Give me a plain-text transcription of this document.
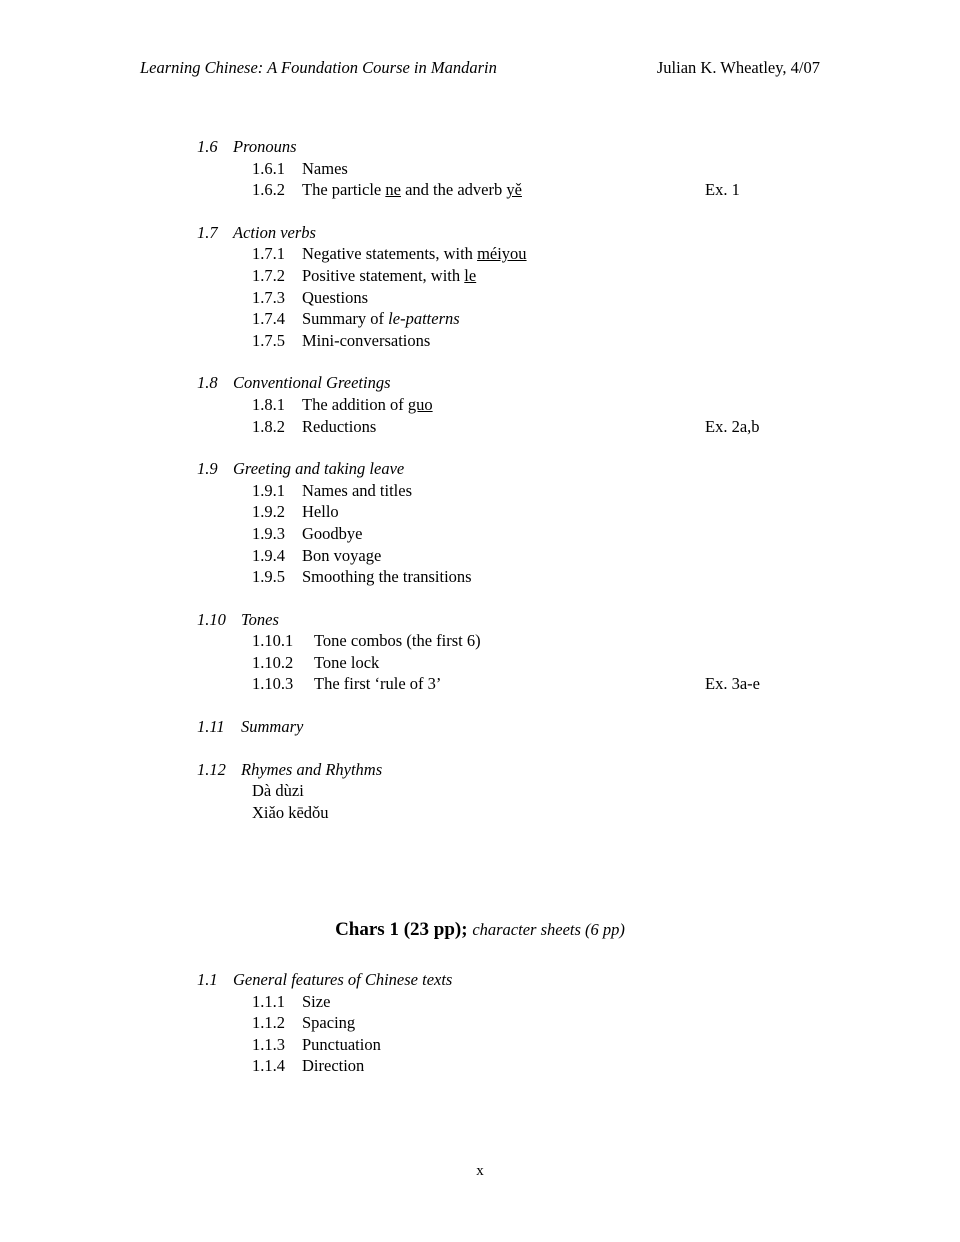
Learning Chinese: A Foundation Course in Mandarin	Julian K. Wheatley, 4/07
1.6 Pronouns
1.6.1 Names
1.6.2 The particle ne and the adverb yě	Ex. 1
1.7 Action verbs
1.7.1 Negative statements, with méiyou
1.7.2 Positive statement, with le
1.7.3 Questions
1.7.4 Summary of le-patterns
1.7.5 Mini-conversations
1.8 Conventional Greetings
1.8.1 The addition of guo
1.8.2 Reductions	Ex. 2a,b
1.9 Greeting and taking leave
1.9.1 Names and titles
1.9.2 Hello
1.9.3 Goodbye
1.9.4 Bon voyage
1.9.5 Smoothing the transitions
1.10 Tones
1.10.1 Tone combos (the first 6)
1.10.2 Tone lock
1.10.3 The first ‘rule of 3’	Ex. 3a-e
1.11 Summary
1.12 Rhymes and Rhythms
Dà dùzi
Xiǎo kēdǒu
Chars 1 (23 pp); character sheets (6 pp)
1.1 General features of Chinese texts
1.1.1 Size
1.1.2 Spacing
1.1.3 Punctuation
1.1.4 Direction
x
